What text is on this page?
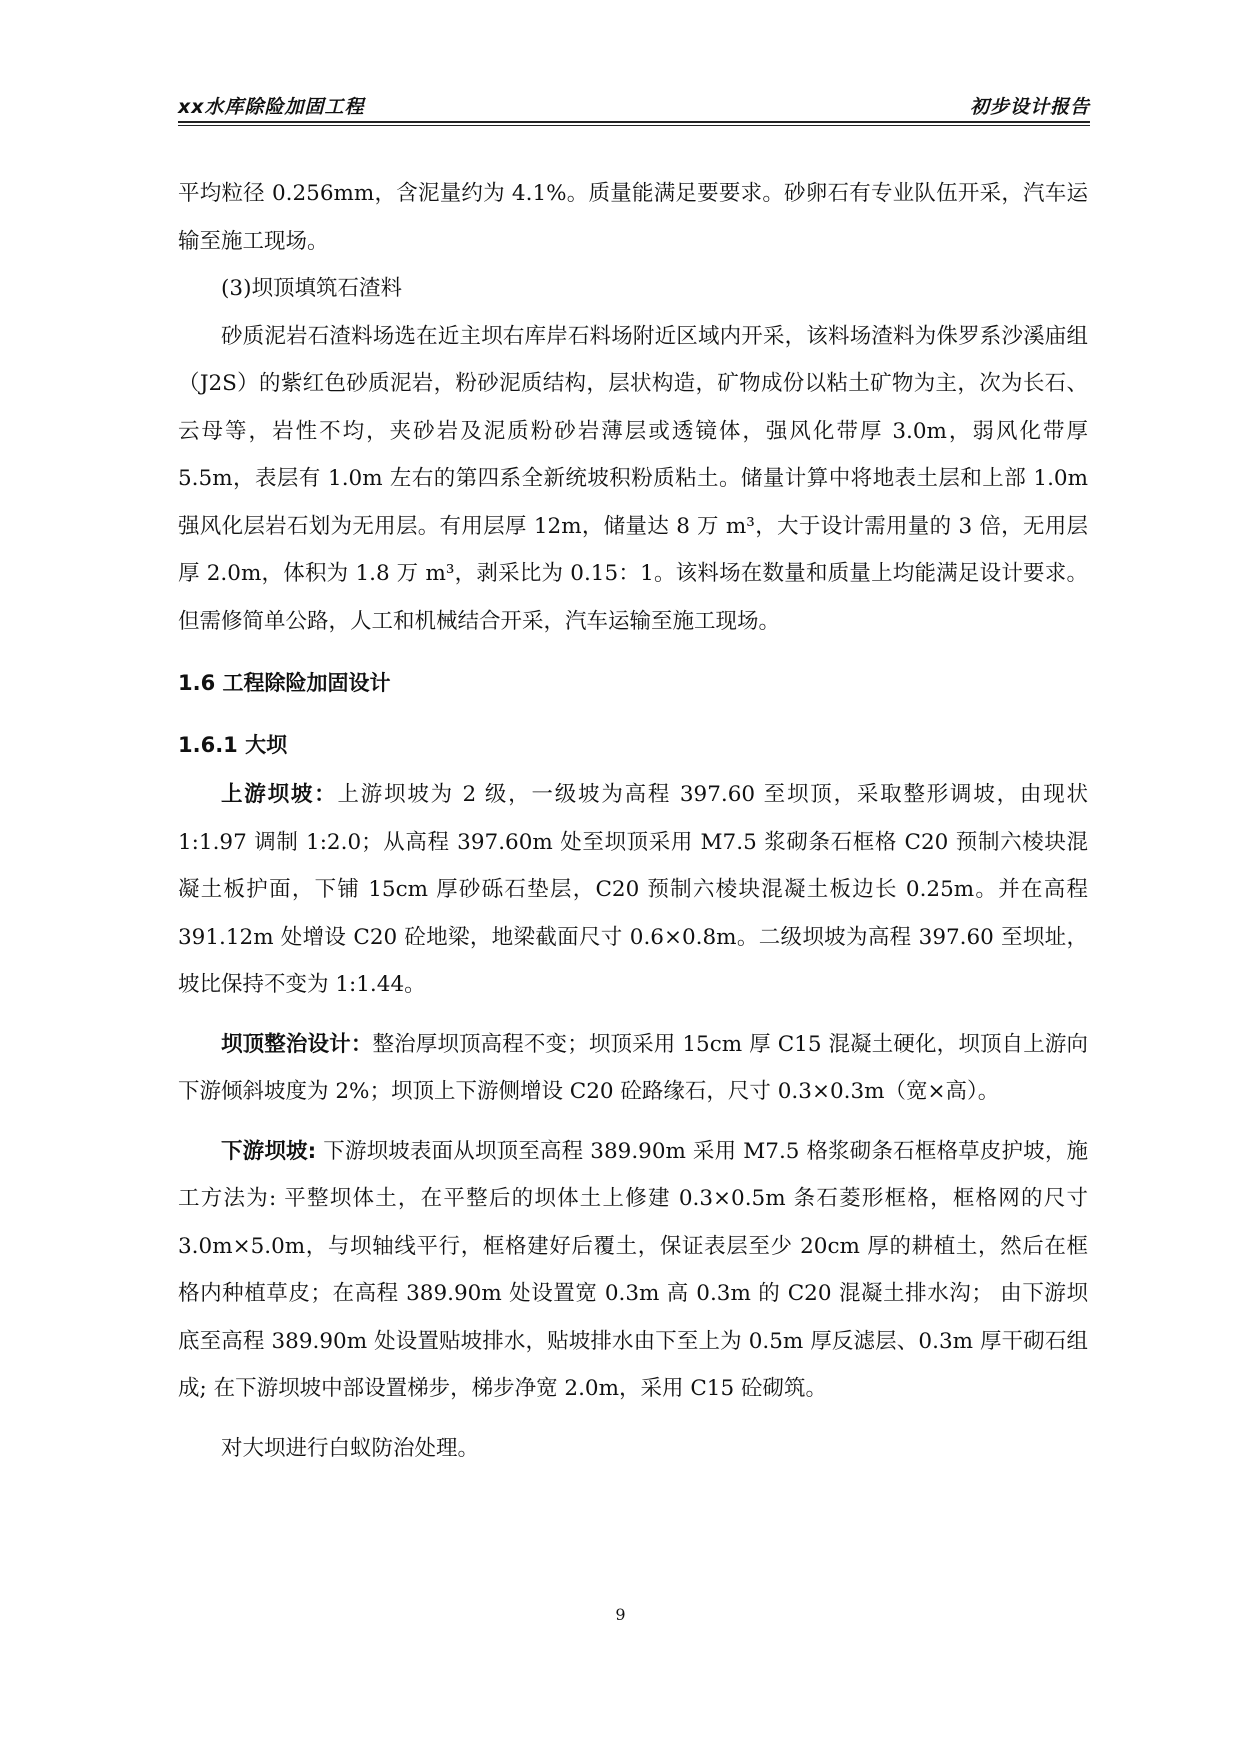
xx水库除险加固工程	初步设计报告

平均粒径 0.256mm，含泥量约为 4.1%。质量能满足要要求。砂卵石有专业队伍开采，汽车运输至施工现场。

(3)坝顶填筑石渣料

砂质泥岩石渣料场选在近主坝右库岸石料场附近区域内开采，该料场渣料为侏罗系沙溪庙组（J2S）的紫红色砂质泥岩，粉砂泥质结构，层状构造，矿物成份以粘土矿物为主，次为长石、云母等，岩性不均，夹砂岩及泥质粉砂岩薄层或透镜体，强风化带厚 3.0m，弱风化带厚 5.5m，表层有 1.0m 左右的第四系全新统坡积粉质粘土。储量计算中将地表土层和上部 1.0m 强风化层岩石划为无用层。有用层厚 12m，储量达 8 万 m³，大于设计需用量的 3 倍，无用层厚 2.0m，体积为 1.8 万 m³，剥采比为 0.15：1。该料场在数量和质量上均能满足设计要求。但需修简单公路，人工和机械结合开采，汽车运输至施工现场。

1.6 工程除险加固设计
1.6.1 大坝

上游坝坡：上游坝坡为 2 级，一级坡为高程 397.60 至坝顶，采取整形调坡，由现状 1:1.97 调制 1:2.0；从高程 397.60m 处至坝顶采用 M7.5 浆砌条石框格 C20 预制六棱块混凝土板护面，下铺 15cm 厚砂砾石垫层，C20 预制六棱块混凝土板边长 0.25m。并在高程 391.12m 处增设 C20 砼地梁，地梁截面尺寸 0.6×0.8m。二级坝坡为高程 397.60 至坝址，坡比保持不变为 1:1.44。

坝顶整治设计：整治厚坝顶高程不变；坝顶采用 15cm 厚 C15 混凝土硬化，坝顶自上游向下游倾斜坡度为 2%；坝顶上下游侧增设 C20 砼路缘石，尺寸 0.3×0.3m（宽×高）。

下游坝坡: 下游坝坡表面从坝顶至高程 389.90m 采用 M7.5 格浆砌条石框格草皮护坡，施工方法为: 平整坝体土，在平整后的坝体土上修建 0.3×0.5m 条石菱形框格，框格网的尺寸 3.0m×5.0m，与坝轴线平行，框格建好后覆土，保证表层至少 20cm 厚的耕植土，然后在框格内种植草皮；在高程 389.90m 处设置宽 0.3m 高 0.3m 的 C20 混凝土排水沟； 由下游坝底至高程 389.90m 处设置贴坡排水，贴坡排水由下至上为 0.5m 厚反滤层、0.3m 厚干砌石组成; 在下游坝坡中部设置梯步，梯步净宽 2.0m，采用 C15 砼砌筑。

对大坝进行白蚁防治处理。

9
